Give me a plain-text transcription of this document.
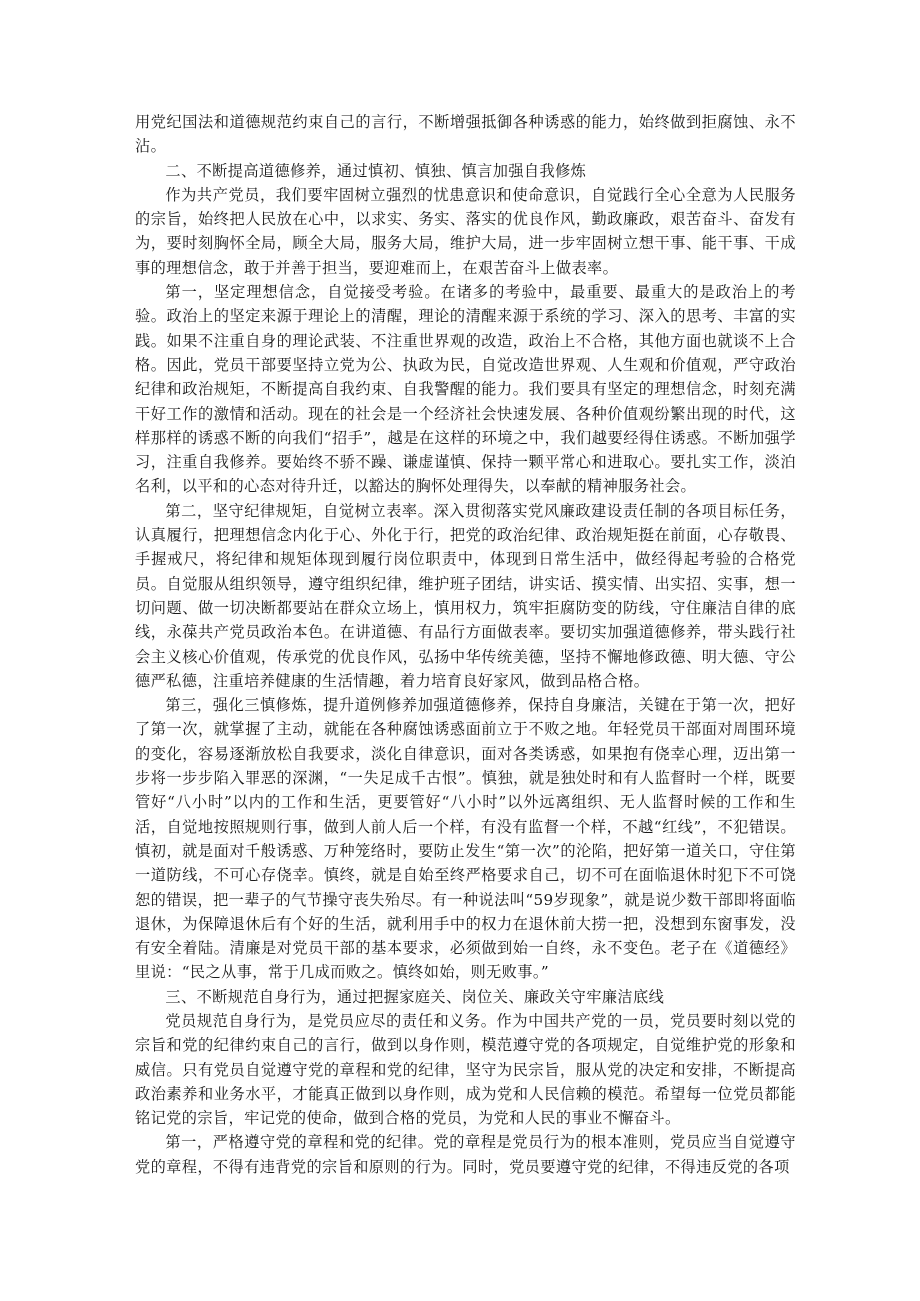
用党纪国法和道德规范约束自己的言行，不断增强抵御各种诱惑的能力，始终做到拒腐蚀、永不沾。

二、不断提高道德修养，通过慎初、慎独、慎言加强自我修炼

作为共产党员，我们要牢固树立强烈的忧患意识和使命意识，自觉践行全心全意为人民服务的宗旨，始终把人民放在心中，以求实、务实、落实的优良作风，勤政廉政，艰苦奋斗、奋发有为，要时刻胸怀全局，顾全大局，服务大局，维护大局，进一步牢固树立想干事、能干事、干成事的理想信念，敢于并善于担当，要迎难而上，在艰苦奋斗上做表率。

第一，坚定理想信念，自觉接受考验。在诸多的考验中，最重要、最重大的是政治上的考验。政治上的坚定来源于理论上的清醒，理论的清醒来源于系统的学习、深入的思考、丰富的实践。如果不注重自身的理论武装、不注重世界观的改造，政治上不合格，其他方面也就谈不上合格。因此，党员干部要坚持立党为公、执政为民，自觉改造世界观、人生观和价值观，严守政治纪律和政治规矩，不断提高自我约束、自我警醒的能力。我们要具有坚定的理想信念，时刻充满干好工作的激情和活动。现在的社会是一个经济社会快速发展、各种价值观纷繁出现的时代，这样那样的诱惑不断的向我们“招手”，越是在这样的环境之中，我们越要经得住诱惑。不断加强学习，注重自我修养。要始终不骄不躁、谦虚谨慎、保持一颗平常心和进取心。要扎实工作，淡泊名利，以平和的心态对待升迁，以豁达的胸怀处理得失，以奉献的精神服务社会。

第二，坚守纪律规矩，自觉树立表率。深入贯彻落实党风廉政建设责任制的各项目标任务，认真履行，把理想信念内化于心、外化于行，把党的政治纪律、政治规矩挺在前面，心存敬畏、手握戒尺，将纪律和规矩体现到履行岗位职责中，体现到日常生活中，做经得起考验的合格党员。自觉服从组织领导，遵守组织纪律，维护班子团结，讲实话、摸实情、出实招、实事，想一切问题、做一切决断都要站在群众立场上，慎用权力，筑牢拒腐防变的防线，守住廉洁自律的底线，永葆共产党员政治本色。在讲道德、有品行方面做表率。要切实加强道德修养，带头践行社会主义核心价值观，传承党的优良作风，弘扬中华传统美德，坚持不懈地修政德、明大德、守公德严私德，注重培养健康的生活情趣，着力培育良好家风，做到品格合格。

第三，强化三慎修炼，提升道例修养加强道德修养，保持自身廉洁，关键在于第一次，把好了第一次，就掌握了主动，就能在各种腐蚀诱惑面前立于不败之地。年轻党员干部面对周围环境的变化，容易逐渐放松自我要求，淡化自律意识，面对各类诱惑，如果抱有侥幸心理，迈出第一步将一步步陷入罪恶的深渊，“一失足成千古恨”。慎独，就是独处时和有人监督时一个样，既要管好“八小时”以内的工作和生活，更要管好“八小时”以外远离组织、无人监督时候的工作和生活，自觉地按照规则行事，做到人前人后一个样，有没有监督一个样，不越“红线”，不犯错误。慎初，就是面对千般诱惑、万种笼络时，要防止发生“第一次”的沦陷，把好第一道关口，守住第一道防线，不可心存侥幸。慎终，就是自始至终严格要求自己，切不可在面临退休时犯下不可饶恕的错误，把一辈子的气节操守丧失殆尽。有一种说法叫“59岁现象”，就是说少数干部即将面临退休，为保障退休后有个好的生活，就利用手中的权力在退休前大捞一把，没想到东窗事发，没有安全着陆。清廉是对党员干部的基本要求，必须做到始一自终，永不变色。老子在《道德经》里说：“民之从事，常于几成而败之。慎终如始，则无败事。”

三、不断规范自身行为，通过把握家庭关、岗位关、廉政关守牢廉洁底线

党员规范自身行为，是党员应尽的责任和义务。作为中国共产党的一员，党员要时刻以党的宗旨和党的纪律约束自己的言行，做到以身作则，模范遵守党的各项规定，自觉维护党的形象和威信。只有党员自觉遵守党的章程和党的纪律，坚守为民宗旨，服从党的决定和安排，不断提高政治素养和业务水平，才能真正做到以身作则，成为党和人民信赖的模范。希望每一位党员都能铭记党的宗旨，牢记党的使命，做到合格的党员，为党和人民的事业不懈奋斗。

第一，严格遵守党的章程和党的纪律。党的章程是党员行为的根本准则，党员应当自觉遵守党的章程，不得有违背党的宗旨和原则的行为。同时，党员要遵守党的纪律，不得违反党的各项
